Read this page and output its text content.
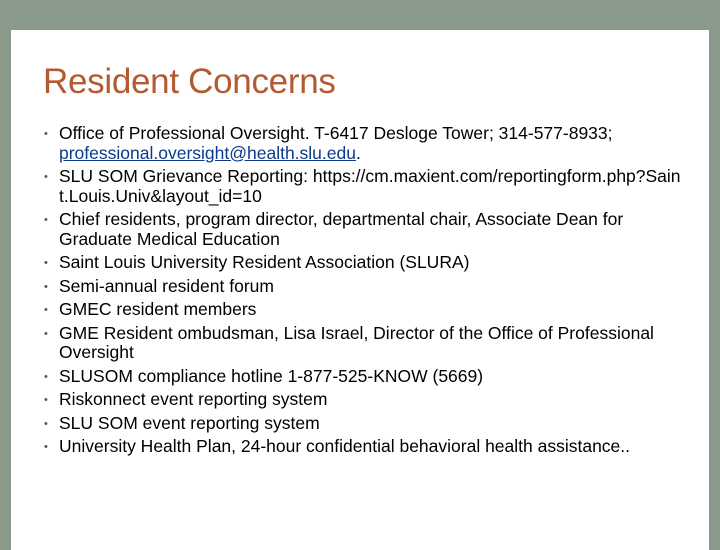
Resident Concerns
• Office of Professional Oversight. T-6417 Desloge Tower; 314-577-8933; professional.oversight@health.slu.edu.
• SLU SOM Grievance Reporting: https://cm.maxient.com/reportingform.php?Saint.Louis.Univ&layout_id=10
• Chief residents, program director, departmental chair, Associate Dean for Graduate Medical Education
• Saint Louis University Resident Association (SLURA)
• Semi-annual resident forum
• GMEC resident members
• GME Resident ombudsman, Lisa Israel, Director of the Office of Professional Oversight
• SLUSOM compliance hotline 1-877-525-KNOW (5669)
• Riskonnect event reporting system
• SLU SOM event reporting system
• University Health Plan, 24-hour confidential behavioral health assistance..
